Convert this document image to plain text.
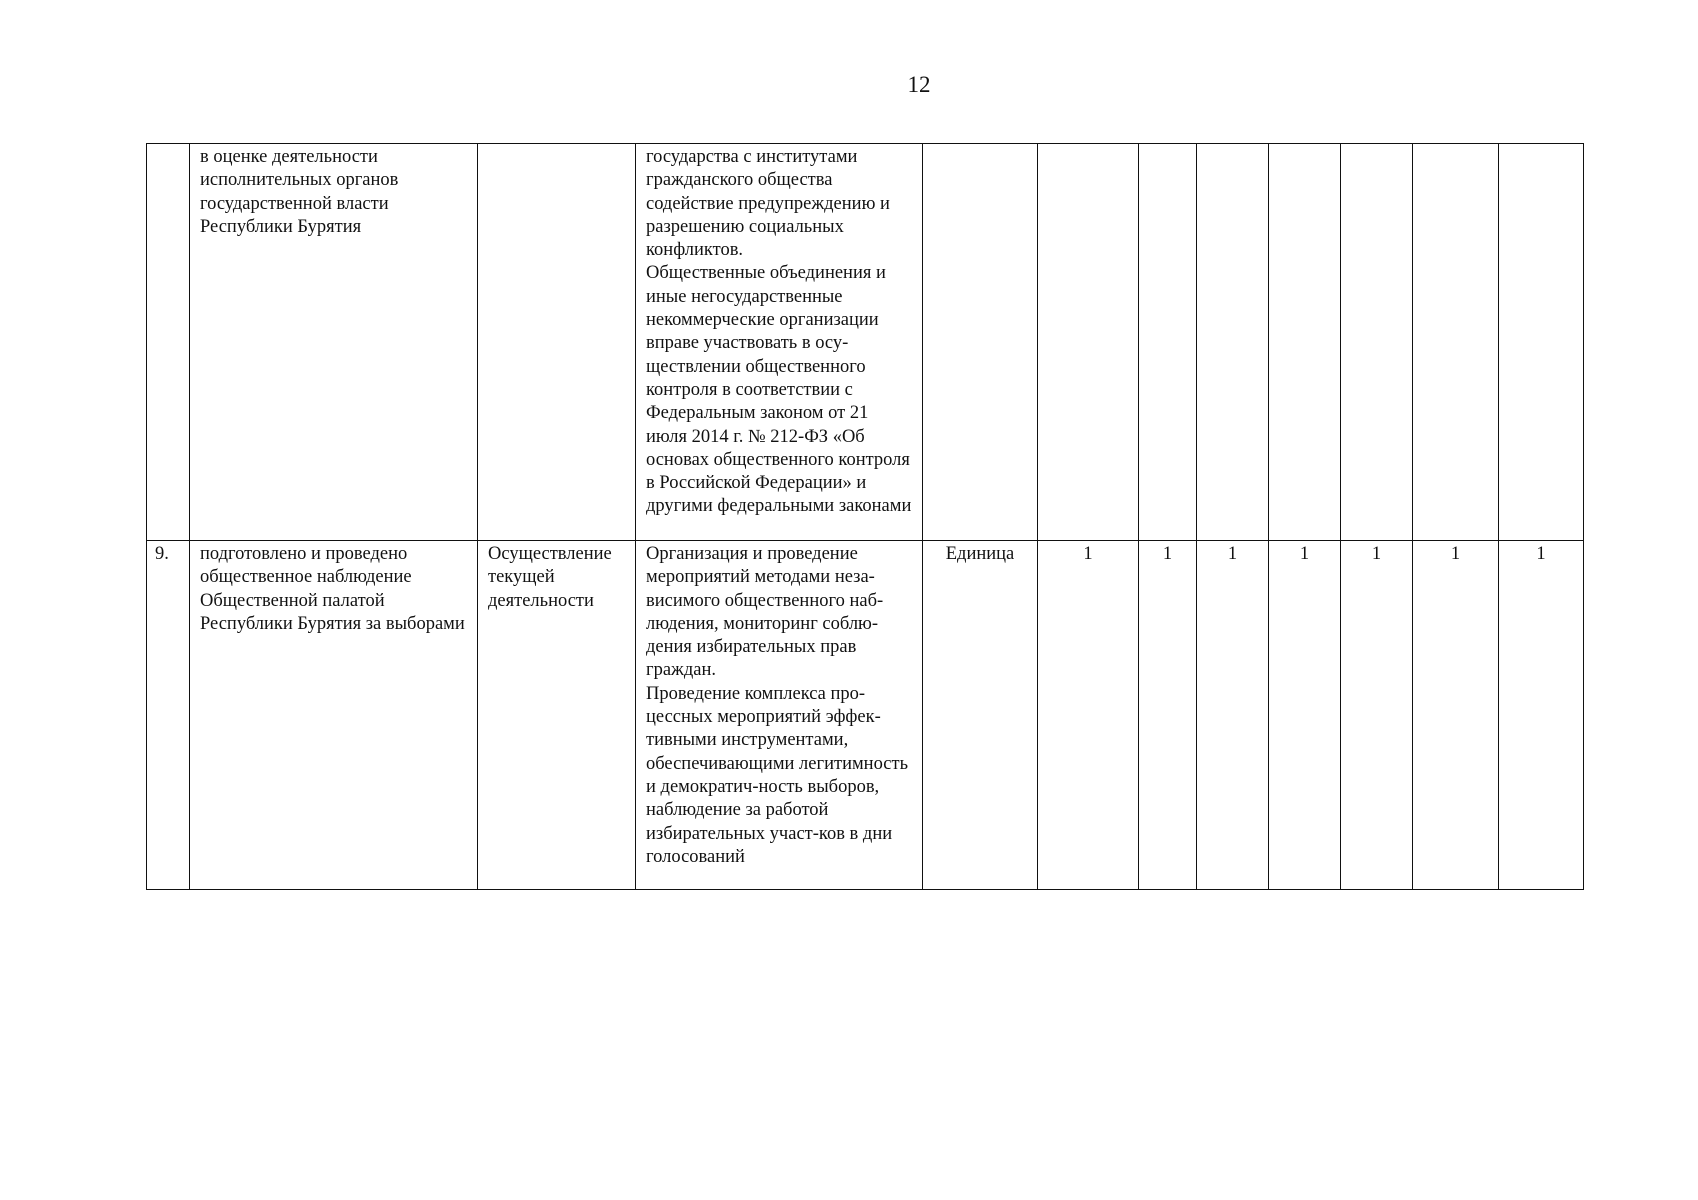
12
	в оценке деятельности исполнительных органов государственной власти Республики Бурятия		государства с институтами гражданского общества содействие предупреждению и разрешению социальных конфликтов.
Общественные объединения и иные негосударственные некоммерческие организации вправе участвовать в осу-ществлении общественного контроля в соответствии с Федеральным законом от 21 июля 2014 г. № 212-ФЗ «Об основах общественного контроля в Российской Федерации» и другими федеральными законами								

9.	подготовлено и проведено общественное наблюдение Общественной палатой Республики Бурятия за выборами	Осуществление текущей деятельности	Организация и проведение мероприятий методами неза-висимого общественного наб-людения, мониторинг соблю-дения избирательных прав граждан.
Проведение комплекса про-цессных мероприятий эффек-тивными инструментами, обеспечивающими легитимность и демократич-ность выборов, наблюдение за работой избирательных участ-ков в дни голосований	Единица	1	1	1	1	1	1	1
